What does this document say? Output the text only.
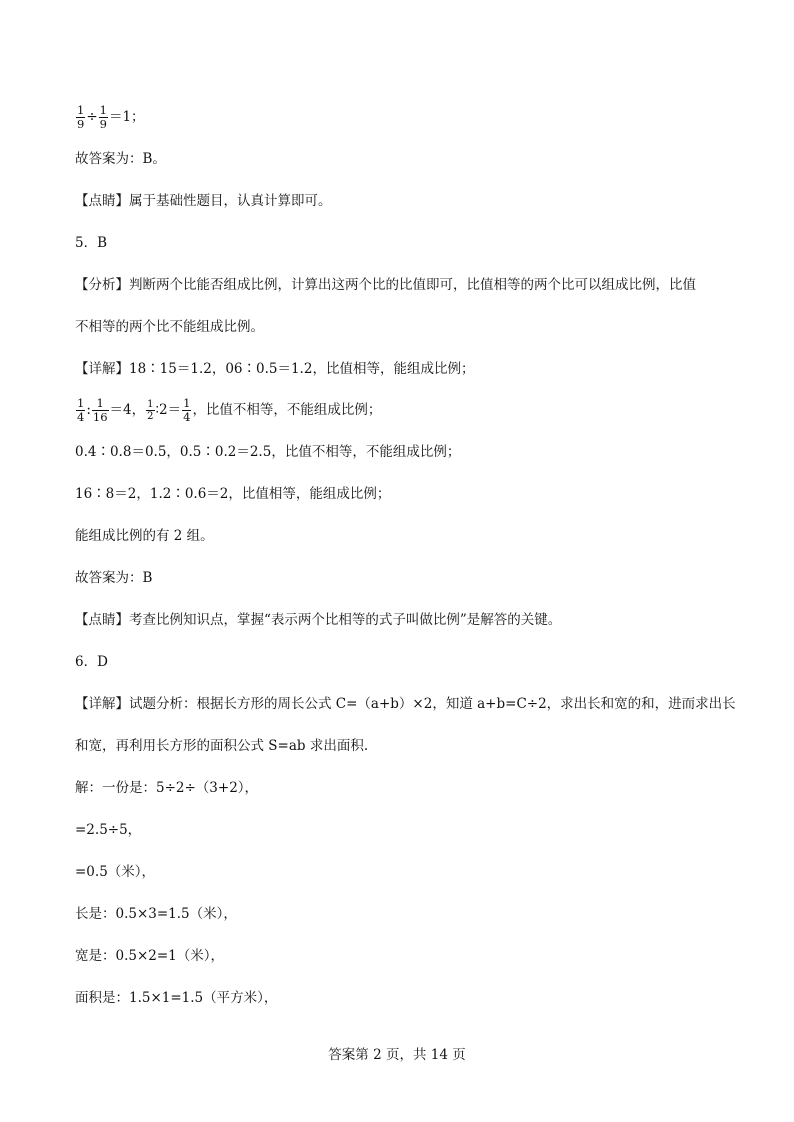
$\frac{1}{9} \div \frac{1}{9} =1$；
故答案为：B。
【点睛】属于基础性题目，认真计算即可。
5．B
【分析】判断两个比能否组成比例，计算出这两个比的比值即可，比值相等的两个比可以组成比例，比值
不相等的两个比不能组成比例。
【详解】18∶15＝1.2，06∶0.5＝1.2，比值相等，能组成比例；
$\frac{1}{4}$ : $\frac{1}{16} =4$， $\frac{1}{2}$ ∶2＝ $\frac{1}{4}$ ，比值不相等，不能组成比例；
0.4∶0.8＝0.5，0.5∶0.2＝2.5，比值不相等，不能组成比例；
16∶8＝2，1.2∶0.6＝2，比值相等，能组成比例；
能组成比例的有 2 组。
故答案为：B
【点睛】考查比例知识点，掌握“表示两个比相等的式子叫做比例”是解答的关键。
6．D
【详解】试题分析：根据长方形的周长公式 C=（a+b）×2，知道 a+b=C÷2，求出长和宽的和，进而求出长
和宽，再利用长方形的面积公式 S=ab 求出面积.
解：一份是：5÷2÷（3+2），
=2.5÷5，
=0.5（米），
长是：0.5×3=1.5（米），
宽是：0.5×2=1（米），
面积是：1.5×1=1.5（平方米），
答案第 2 页，共 14 页
